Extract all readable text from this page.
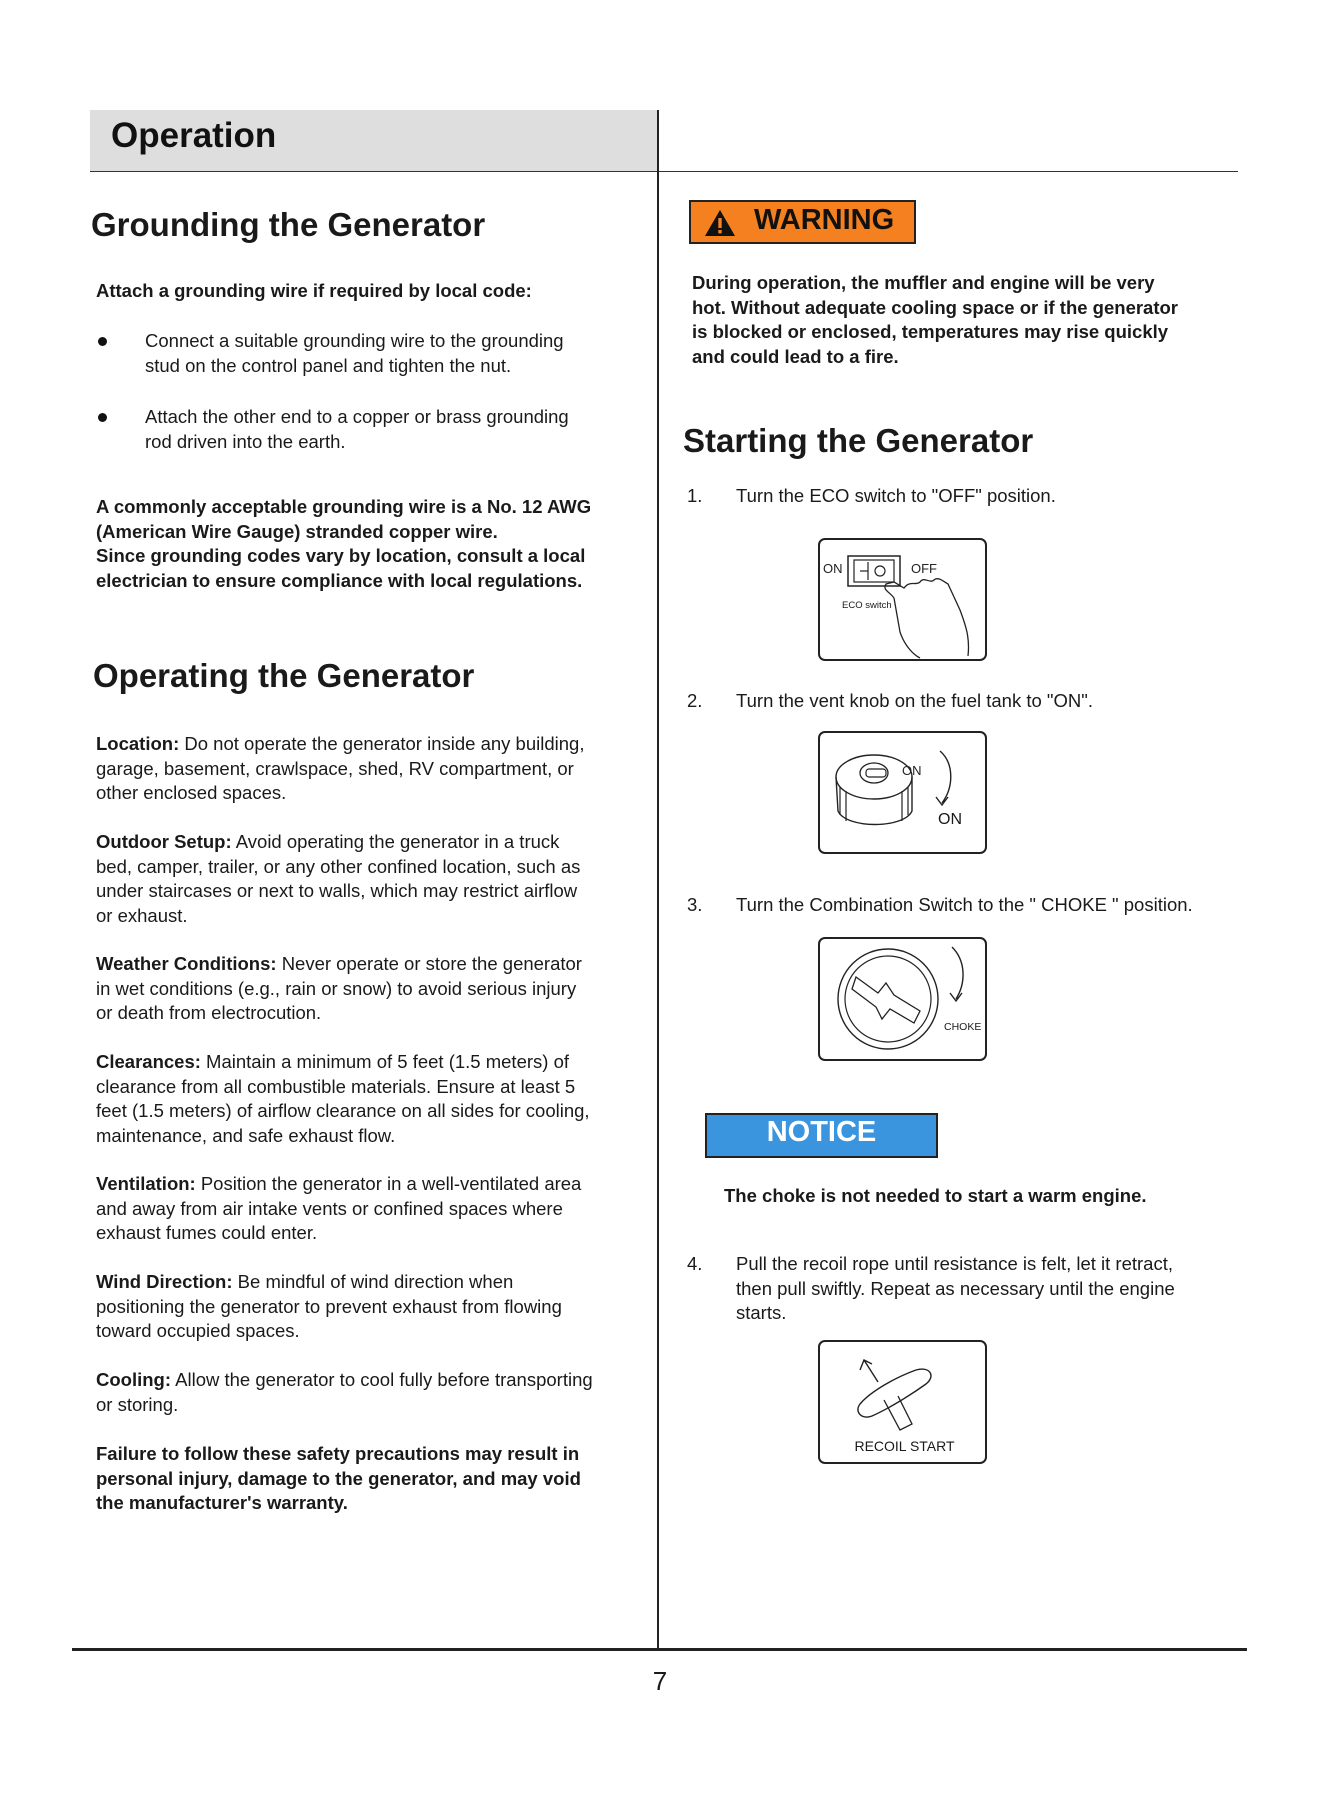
Operation
Grounding the Generator
Attach a grounding wire if required by local code:
Connect a suitable grounding wire to the grounding
stud on the control panel and tighten the nut.
Attach the other end to a copper or brass grounding
rod driven into the earth.
A commonly acceptable grounding wire is a No. 12 AWG
(American Wire Gauge) stranded copper wire.
Since grounding codes vary by location, consult a local
electrician to ensure compliance with local regulations.
Operating the Generator
Location: Do not operate the generator inside any building,
garage, basement, crawlspace, shed, RV compartment, or
other enclosed spaces.
Outdoor Setup: Avoid operating the generator in a truck
bed, camper, trailer, or any other confined location, such as
under staircases or next to walls, which may restrict airflow
or exhaust.
Weather Conditions: Never operate or store the generator
in wet conditions (e.g., rain or snow) to avoid serious injury
or death from electrocution.
Clearances: Maintain a minimum of 5 feet (1.5 meters) of
clearance from all combustible materials. Ensure at least 5
feet (1.5 meters) of airflow clearance on all sides for cooling,
maintenance, and safe exhaust flow.
Ventilation: Position the generator in a well-ventilated area
and away from air intake vents or confined spaces where
exhaust fumes could enter.
Wind Direction: Be mindful of wind direction when
positioning the generator to prevent exhaust from flowing
toward occupied spaces.
Cooling: Allow the generator to cool fully before transporting
or storing.
Failure to follow these safety precautions may result in
personal injury, damage to the generator, and may void
the manufacturer's warranty.
WARNING
During operation, the muffler and engine will be very
hot. Without adequate cooling space or if the generator
is blocked or enclosed, temperatures may rise quickly
and could lead to a fire.
Starting the Generator
1. Turn the ECO switch to "OFF" position.
ON	OFF
ECO switch
2. Turn the vent knob on the fuel tank to "ON".
ON
ON
3. Turn the Combination Switch to the " CHOKE " position.
CHOKE
NOTICE
The choke is not needed to start a warm engine.
4. Pull the recoil rope until resistance is felt, let it retract,
then pull swiftly. Repeat as necessary until the engine
starts.
RECOIL START
7
